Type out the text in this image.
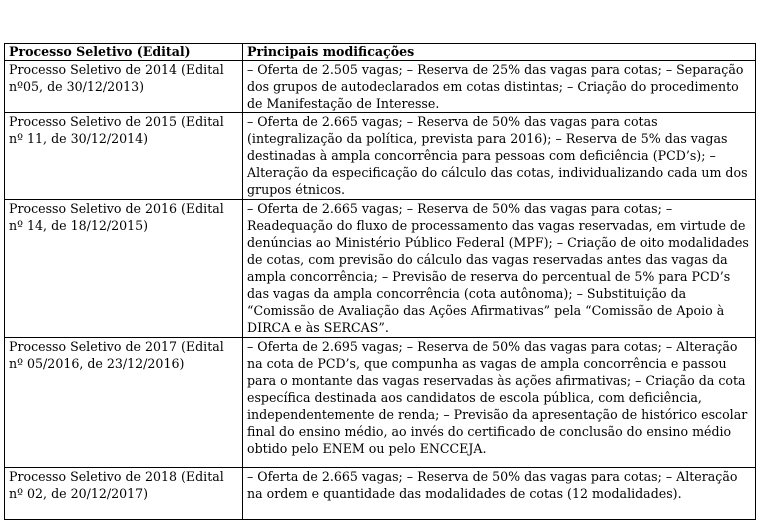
Processo Seletivo (Edital)	Principais modificações
Processo Seletivo de 2014 (Edital nº05, de 30/12/2013)	– Oferta de 2.505 vagas; – Reserva de 25% das vagas para cotas; – Separação dos grupos de autodeclarados em cotas distintas; – Criação do procedimento de Manifestação de Interesse.
Processo Seletivo de 2015 (Edital nº 11, de 30/12/2014)	– Oferta de 2.665 vagas; – Reserva de 50% das vagas para cotas (integralização da política, prevista para 2016); – Reserva de 5% das vagas destinadas à ampla concorrência para pessoas com deficiência (PCD’s); – Alteração da especificação do cálculo das cotas, individualizando cada um dos grupos étnicos.
Processo Seletivo de 2016 (Edital nº 14, de 18/12/2015)	– Oferta de 2.665 vagas; – Reserva de 50% das vagas para cotas; – Readequação do fluxo de processamento das vagas reservadas, em virtude de denúncias ao Ministério Público Federal (MPF); – Criação de oito modalidades de cotas, com previsão do cálculo das vagas reservadas antes das vagas da ampla concorrência; – Previsão de reserva do percentual de 5% para PCD’s das vagas da ampla concorrência (cota autônoma); – Substituição da “Comissão de Avaliação das Ações Afirmativas” pela “Comissão de Apoio à DIRCA e às SERCAS”.
Processo Seletivo de 2017 (Edital nº 05/2016, de 23/12/2016)	– Oferta de 2.695 vagas; – Reserva de 50% das vagas para cotas; – Alteração na cota de PCD’s, que compunha as vagas de ampla concorrência e passou para o montante das vagas reservadas às ações afirmativas; – Criação da cota específica destinada aos candidatos de escola pública, com deficiência, independentemente de renda; – Previsão da apresentação de histórico escolar final do ensino médio, ao invés do certificado de conclusão do ensino médio obtido pelo ENEM ou pelo ENCCEJA.
Processo Seletivo de 2018 (Edital nº 02, de 20/12/2017)	– Oferta de 2.665 vagas; – Reserva de 50% das vagas para cotas; – Alteração na ordem e quantidade das modalidades de cotas (12 modalidades).
